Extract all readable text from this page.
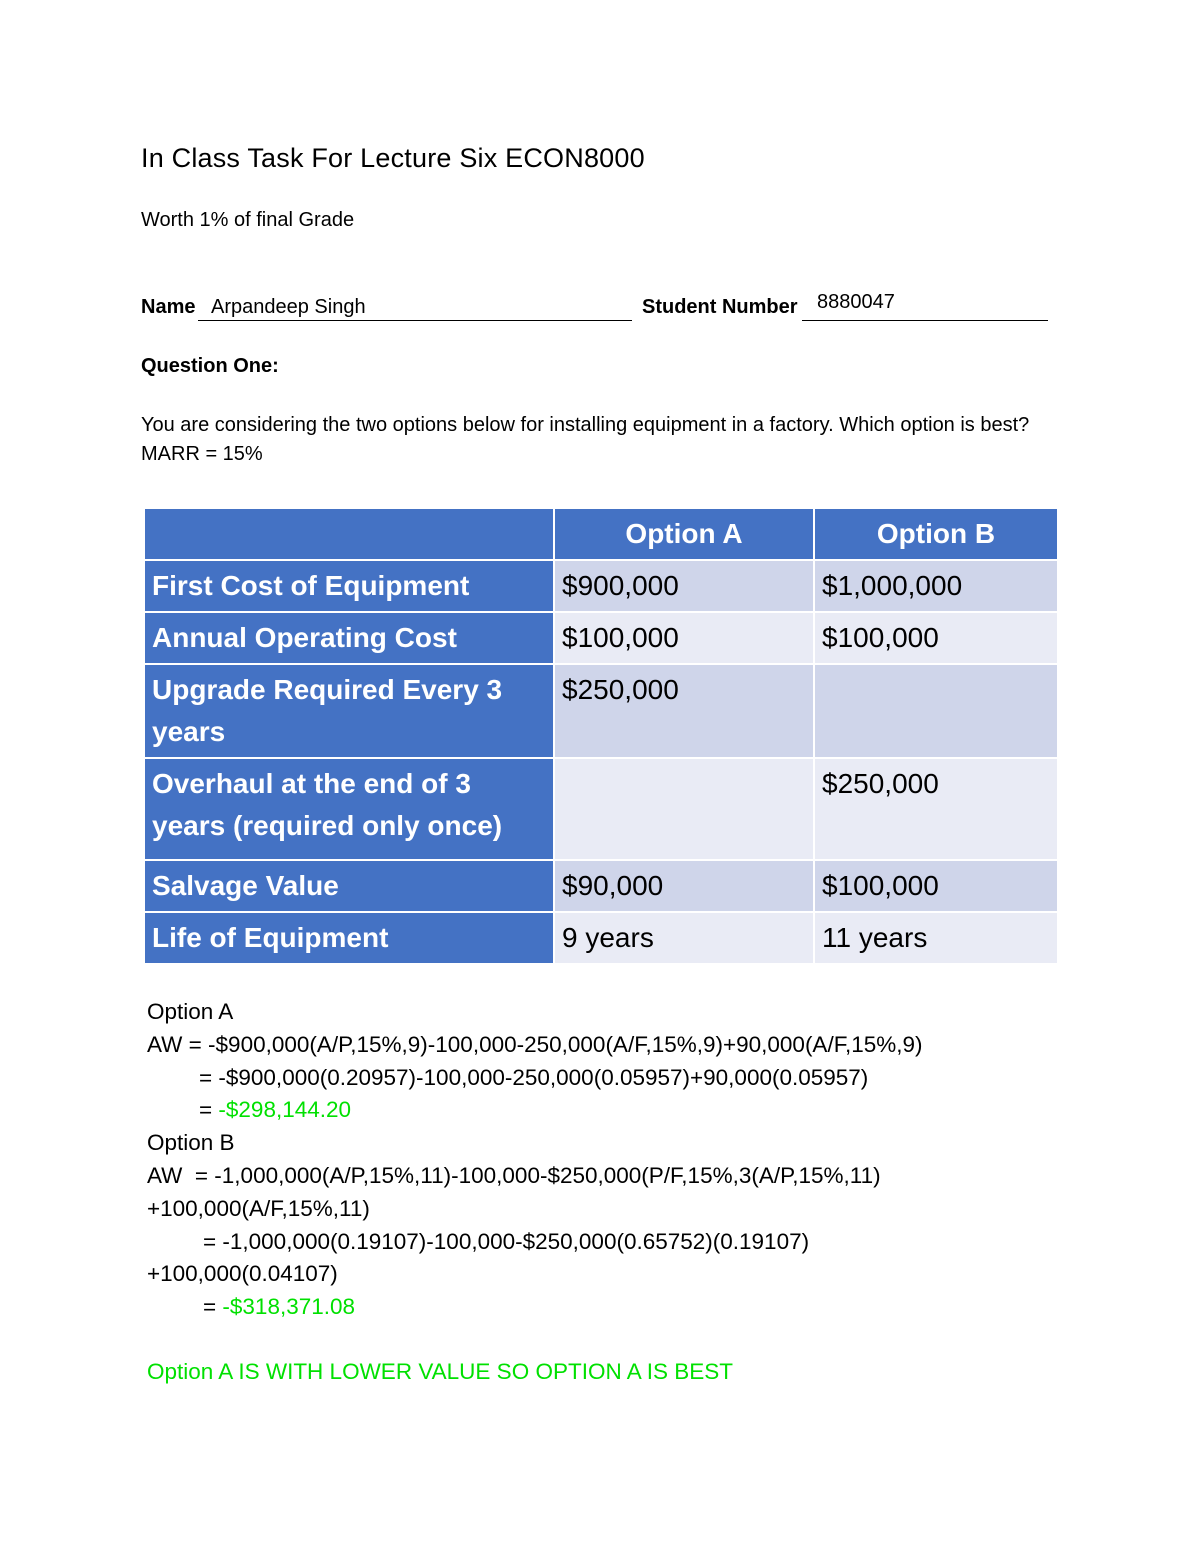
In Class Task For Lecture Six ECON8000
Worth 1% of final Grade
Name Arpandeep Singh	Student Number 8880047
Question One:
You are considering the two options below for installing equipment in a factory. Which option is best? MARR = 15%
	Option A	Option B
First Cost of Equipment	$900,000	$1,000,000
Annual Operating Cost	$100,000	$100,000
Upgrade Required Every 3 years	$250,000	
Overhaul at the end of 3 years (required only once)		$250,000
Salvage Value	$90,000	$100,000
Life of Equipment	9 years	11 years
Option A
AW = -$900,000(A/P,15%,9)-100,000-250,000(A/F,15%,9)+90,000(A/F,15%,9)
= -$900,000(0.20957)-100,000-250,000(0.05957)+90,000(0.05957)
= -$298,144.20
Option B
AW  = -1,000,000(A/P,15%,11)-100,000-$250,000(P/F,15%,3(A/P,15%,11)
+100,000(A/F,15%,11)
= -1,000,000(0.19107)-100,000-$250,000(0.65752)(0.19107)
+100,000(0.04107)
= -$318,371.08
Option A IS WITH LOWER VALUE SO OPTION A IS BEST
